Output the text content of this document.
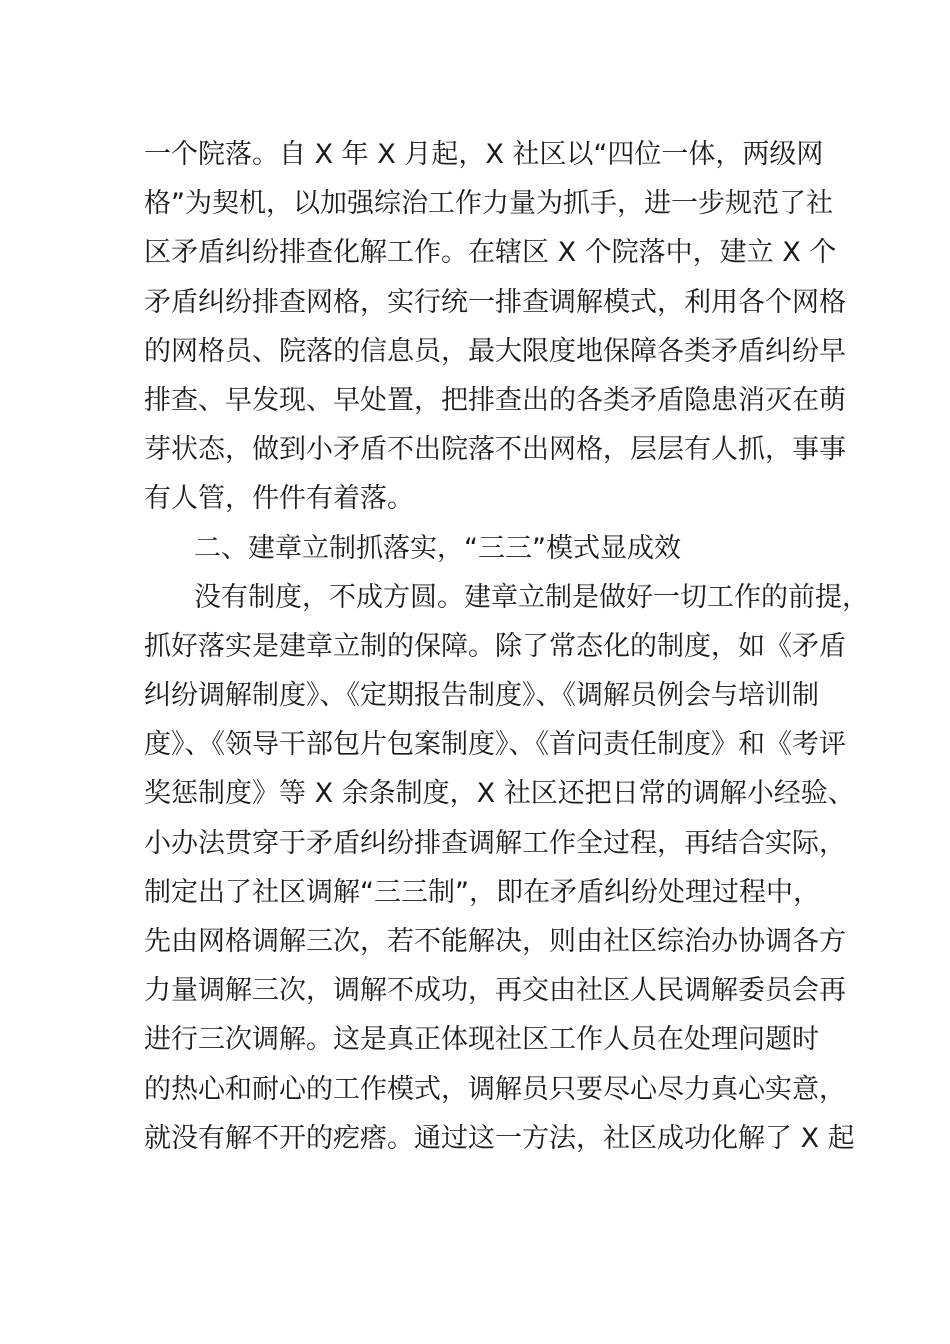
一个院落。自 X 年 X 月起，X 社区以“四位一体，两级网
格”为契机，以加强综治工作力量为抓手，进一步规范了社
区矛盾纠纷排查化解工作。在辖区 X 个院落中，建立 X 个
矛盾纠纷排查网格，实行统一排查调解模式，利用各个网格
的网格员、院落的信息员，最大限度地保障各类矛盾纠纷早
排查、早发现、早处置，把排查出的各类矛盾隐患消灭在萌
芽状态，做到小矛盾不出院落不出网格，层层有人抓，事事
有人管，件件有着落。
二、建章立制抓落实，“三三”模式显成效
没有制度，不成方圆。建章立制是做好一切工作的前提，
抓好落实是建章立制的保障。除了常态化的制度，如《矛盾
纠纷调解制度》、《定期报告制度》、《调解员例会与培训制
度》、《领导干部包片包案制度》、《首问责任制度》和《考评
奖惩制度》等 X 余条制度，X 社区还把日常的调解小经验、
小办法贯穿于矛盾纠纷排查调解工作全过程，再结合实际，
制定出了社区调解“三三制”，即在矛盾纠纷处理过程中，
先由网格调解三次，若不能解决，则由社区综治办协调各方
力量调解三次，调解不成功，再交由社区人民调解委员会再
进行三次调解。这是真正体现社区工作人员在处理问题时
的热心和耐心的工作模式，调解员只要尽心尽力真心实意，
就没有解不开的疙瘩。通过这一方法，社区成功化解了 X 起
